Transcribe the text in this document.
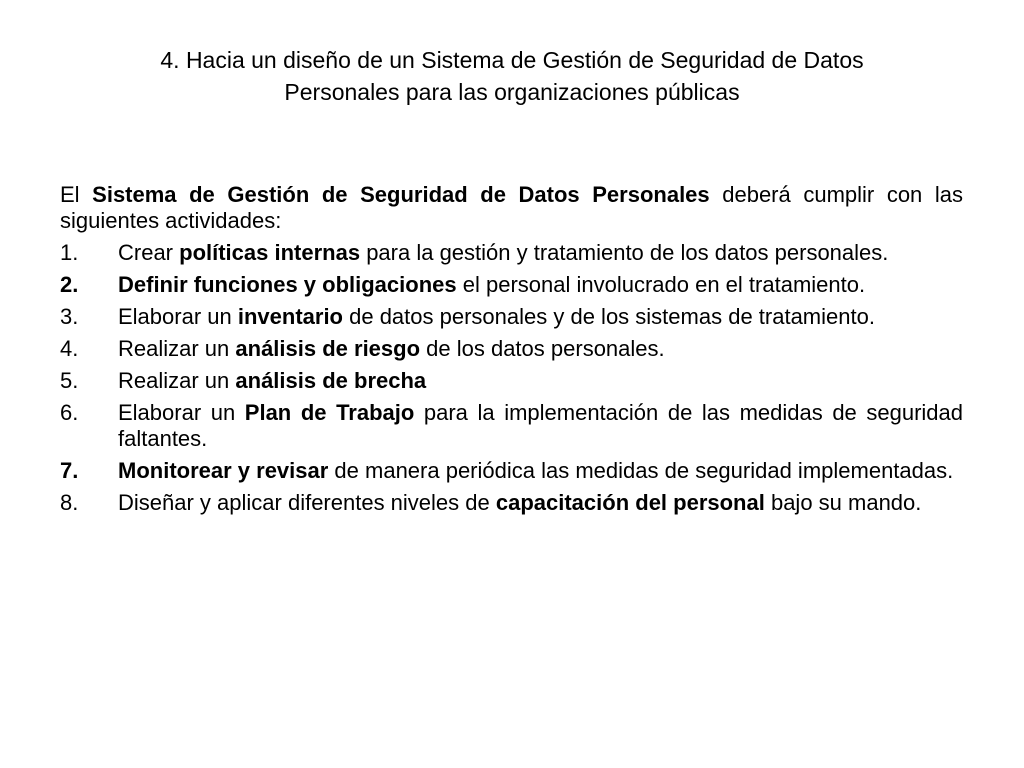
4. Hacia un diseño de un Sistema de Gestión de Seguridad de Datos
Personales para las organizaciones públicas

El Sistema de Gestión de Seguridad de Datos Personales deberá cumplir con las siguientes actividades:

1. Crear políticas internas para la gestión y tratamiento de los datos personales.
2. Definir funciones y obligaciones el personal involucrado en el tratamiento.
3. Elaborar un inventario de datos personales y de los sistemas de tratamiento.
4. Realizar un análisis de riesgo de los datos personales.
5. Realizar un análisis de brecha
6. Elaborar un Plan de Trabajo para la implementación de las medidas de seguridad faltantes.
7. Monitorear y revisar de manera periódica las medidas de seguridad implementadas.
8. Diseñar y aplicar diferentes niveles de capacitación del personal bajo su mando.
